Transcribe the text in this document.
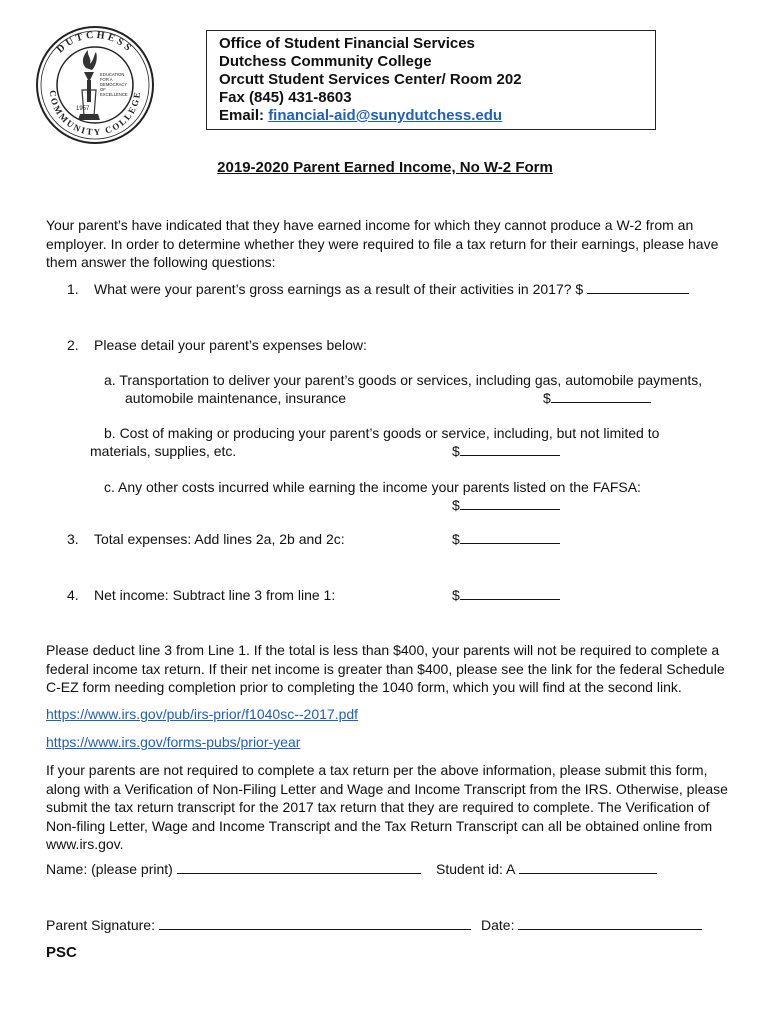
DUTCHESS
COMMUNITY COLLEGE
EDUCATION
FOR A
DEMOCRACY
OF
EXCELLENCE
1957
Office of Student Financial Services
Dutchess Community College
Orcutt Student Services Center/ Room 202
Fax (845) 431-8603
Email: financial-aid@sunydutchess.edu
2019-2020 Parent Earned Income, No W-2 Form
Your parent’s have indicated that they have earned income for which they cannot produce a W-2 from an employer. In order to determine whether they were required to file a tax return for their earnings, please have them answer the following questions:
1. What were your parent’s gross earnings as a result of their activities in 2017? $
2. Please detail your parent’s expenses below:
a. Transportation to deliver your parent’s goods or services, including gas, automobile payments,
automobile maintenance, insurance	$
b. Cost of making or producing your parent’s goods or service, including, but not limited to
materials, supplies, etc.	$
c. Any other costs incurred while earning the income your parents listed on the FAFSA:
$
3. Total expenses: Add lines 2a, 2b and 2c:	$
4. Net income: Subtract line 3 from line 1:	$
Please deduct line 3 from Line 1. If the total is less than $400, your parents will not be required to complete a federal income tax return. If their net income is greater than $400, please see the link for the federal Schedule C-EZ form needing completion prior to completing the 1040 form, which you will find at the second link.
https://www.irs.gov/pub/irs-prior/f1040sc--2017.pdf
https://www.irs.gov/forms-pubs/prior-year
If your parents are not required to complete a tax return per the above information, please submit this form, along with a Verification of Non-Filing Letter and Wage and Income Transcript from the IRS. Otherwise, please submit the tax return transcript for the 2017 tax return that they are required to complete. The Verification of Non-filing Letter, Wage and Income Transcript and the Tax Return Transcript can all be obtained online from www.irs.gov.
Name: (please print)	Student id: A
Parent Signature:	Date:
PSC
